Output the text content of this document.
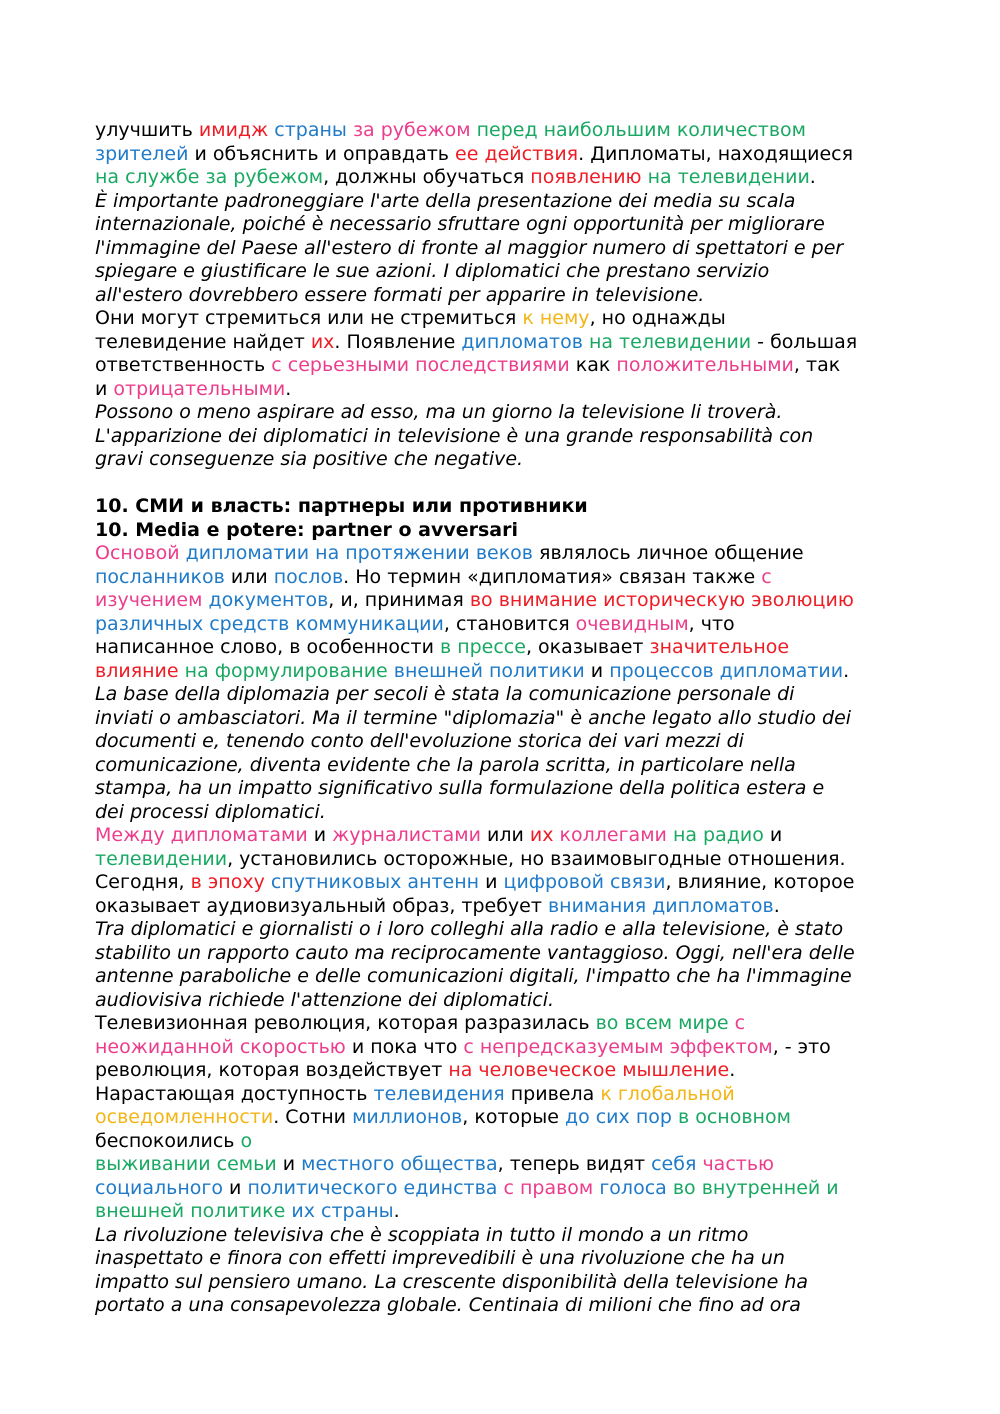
улучшить имидж страны за рубежом перед наибольшим количеством
зрителей и объяснить и оправдать ее действия. Дипломаты, находящиеся
на службе за рубежом, должны обучаться появлению на телевидении.
È importante padroneggiare l'arte della presentazione dei media su scala
internazionale, poiché è necessario sfruttare ogni opportunità per migliorare
l'immagine del Paese all'estero di fronte al maggior numero di spettatori e per
spiegare e giustificare le sue azioni. I diplomatici che prestano servizio
all'estero dovrebbero essere formati per apparire in televisione.
Они могут стремиться или не стремиться к нему, но однажды
телевидение найдет их. Появление дипломатов на телевидении - большая
ответственность с серьезными последствиями как положительными, так
и отрицательными.
Possono o meno aspirare ad esso, ma un giorno la televisione li troverà.
L'apparizione dei diplomatici in televisione è una grande responsabilità con
gravi conseguenze sia positive che negative.
10. СМИ и власть: партнеры или противники
10. Media e potere: partner o avversari
Основой дипломатии на протяжении веков являлось личное общение
посланников или послов. Но термин «дипломатия» связан также с
изучением документов, и, принимая во внимание историческую эволюцию
различных средств коммуникации, становится очевидным, что
написанное слово, в особенности в прессе, оказывает значительное
влияние на формулирование внешней политики и процессов дипломатии.
La base della diplomazia per secoli è stata la comunicazione personale di
inviati o ambasciatori. Ma il termine "diplomazia" è anche legato allo studio dei
documenti e, tenendo conto dell'evoluzione storica dei vari mezzi di
comunicazione, diventa evidente che la parola scritta, in particolare nella
stampa, ha un impatto significativo sulla formulazione della politica estera e
dei processi diplomatici.
Между дипломатами и журналистами или их коллегами на радио и
телевидении, установились осторожные, но взаимовыгодные отношения.
Сегодня, в эпоху спутниковых антенн и цифровой связи, влияние, которое
оказывает аудиовизуальный образ, требует внимания дипломатов.
Tra diplomatici e giornalisti o i loro colleghi alla radio e alla televisione, è stato
stabilito un rapporto cauto ma reciprocamente vantaggioso. Oggi, nell'era delle
antenne paraboliche e delle comunicazioni digitali, l'impatto che ha l'immagine
audiovisiva richiede l'attenzione dei diplomatici.
Телевизионная революция, которая разразилась во всем мире с
неожиданной скоростью и пока что с непредсказуемым эффектом, - это
революция, которая воздействует на человеческое мышление.
Нарастающая доступность телевидения привела к глобальной
осведомленности. Сотни миллионов, которые до сих пор в основном
беспокоились о
выживании семьи и местного общества, теперь видят себя частью
социального и политического единства с правом голоса во внутренней и
внешней политике их страны.
La rivoluzione televisiva che è scoppiata in tutto il mondo a un ritmo
inaspettato e finora con effetti imprevedibili è una rivoluzione che ha un
impatto sul pensiero umano. La crescente disponibilità della televisione ha
portato a una consapevolezza globale. Centinaia di milioni che fino ad ora
